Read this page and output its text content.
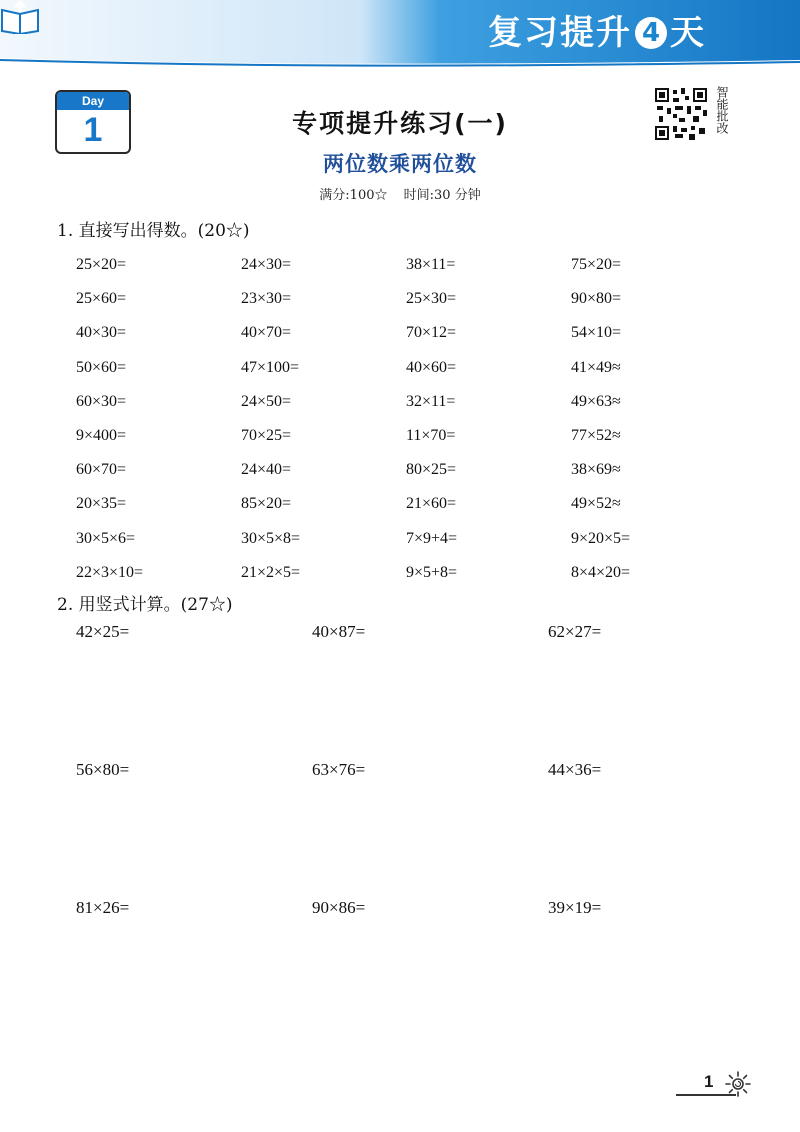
复习提升 4 天
Day
1	智能批改
专项提升练习(一)
两位数乘两位数
满分:100☆ 时间:30 分钟
1. 直接写出得数。(20☆)
25×20=	24×30=	38×11=	75×20=
25×60=	23×30=	25×30=	90×80=
40×30=	40×70=	70×12=	54×10=
50×60=	47×100=	40×60=	41×49≈
60×30=	24×50=	32×11=	49×63≈
9×400=	70×25=	11×70=	77×52≈
60×70=	24×40=	80×25=	38×69≈
20×35=	85×20=	21×60=	49×52≈
30×5×6=	30×5×8=	7×9+4=	9×20×5=
22×3×10=	21×2×5=	9×5+8=	8×4×20=
2. 用竖式计算。(27☆)
42×25=	40×87=	62×27=
56×80=	63×76=	44×36=
81×26=	90×86=	39×19=
1
